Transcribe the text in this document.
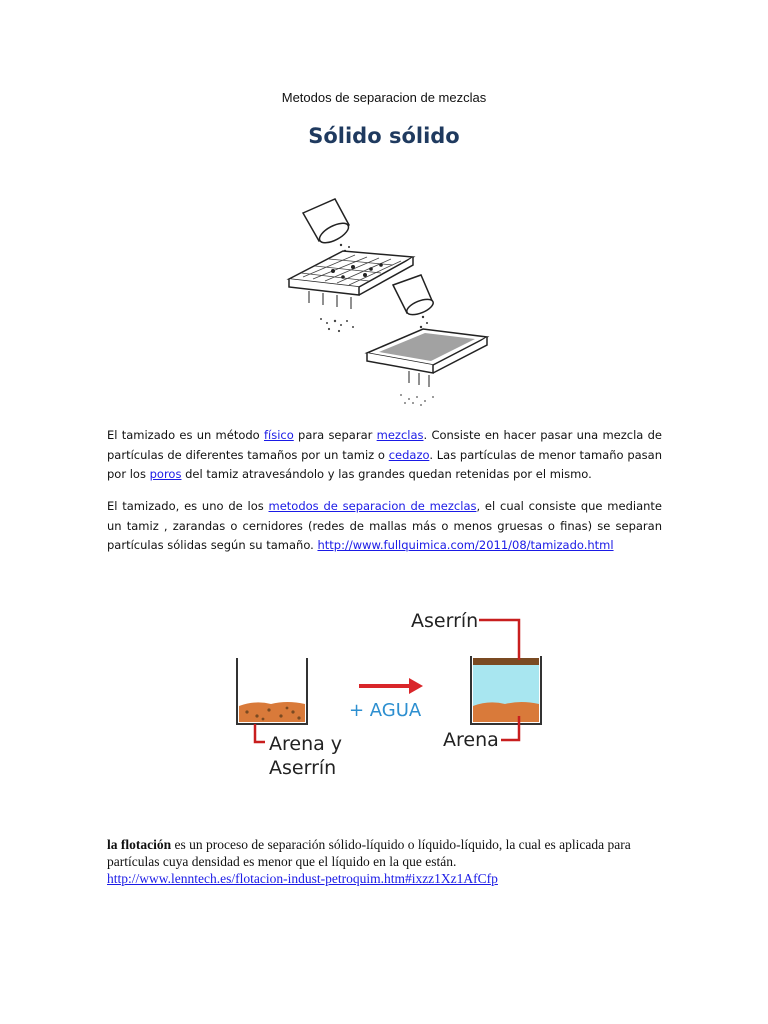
Metodos de separacion de mezclas
Sólido sólido
El tamizado es un método físico para separar mezclas. Consiste en hacer pasar una mezcla de partículas de diferentes tamaños por un tamiz o cedazo. Las partículas de menor tamaño pasan por los poros del tamiz atravesándolo y las grandes quedan retenidas por el mismo.
El tamizado, es uno de los metodos de separacion de mezclas, el cual consiste que mediante un tamiz , zarandas o cernidores (redes de mallas más o menos gruesas o finas) se separan partículas sólidas según su tamaño. http://www.fullquimica.com/2011/08/tamizado.html
Arena y
Aserrín
+ AGUA
Aserrín
Arena
la flotación es un proceso de separación sólido-líquido o líquido-líquido, la cual es aplicada para partículas cuya densidad es menor que el líquido en la que están.
http://www.lenntech.es/flotacion-indust-petroquim.htm#ixzz1Xz1AfCfp
